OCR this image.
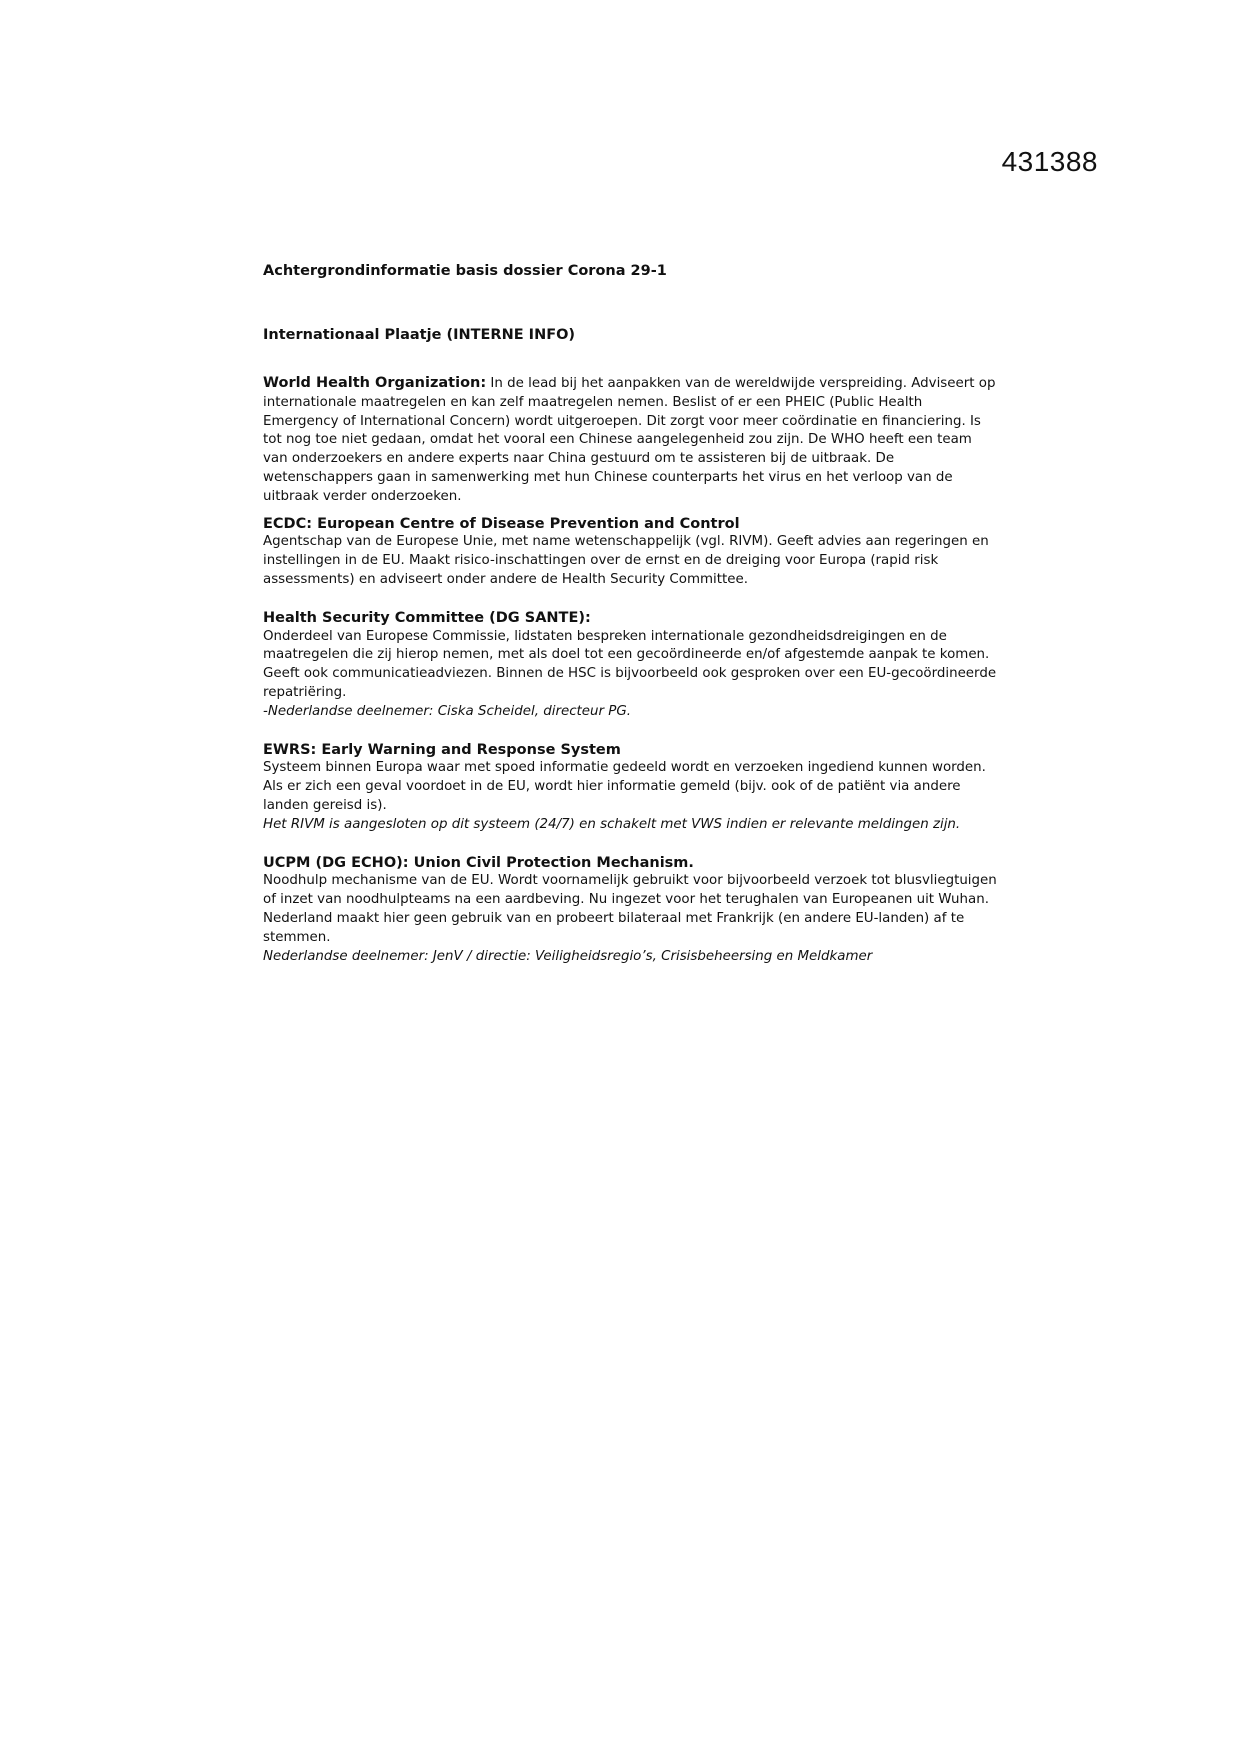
431388
Achtergrondinformatie basis dossier Corona 29-1
Internationaal Plaatje (INTERNE INFO)

World Health Organization: In de lead bij het aanpakken van de wereldwijde verspreiding. Adviseert op internationale maatregelen en kan zelf maatregelen nemen. Beslist of er een PHEIC (Public Health Emergency of International Concern) wordt uitgeroepen. Dit zorgt voor meer coördinatie en financiering. Is tot nog toe niet gedaan, omdat het vooral een Chinese aangelegenheid zou zijn. De WHO heeft een team van onderzoekers en andere experts naar China gestuurd om te assisteren bij de uitbraak. De wetenschappers gaan in samenwerking met hun Chinese counterparts het virus en het verloop van de uitbraak verder onderzoeken.

ECDC: European Centre of Disease Prevention and Control

Agentschap van de Europese Unie, met name wetenschappelijk (vgl. RIVM). Geeft advies aan regeringen en instellingen in de EU. Maakt risico-inschattingen over de ernst en de dreiging voor Europa (rapid risk assessments) en adviseert onder andere de Health Security Committee.

Health Security Committee (DG SANTE):

Onderdeel van Europese Commissie, lidstaten bespreken internationale gezondheidsdreigingen en de maatregelen die zij hierop nemen, met als doel tot een gecoördineerde en/of afgestemde aanpak te komen. Geeft ook communicatieadviezen. Binnen de HSC is bijvoorbeeld ook gesproken over een EU-gecoördineerde repatriëring.

-Nederlandse deelnemer: Ciska Scheidel, directeur PG.

EWRS: Early Warning and Response System

Systeem binnen Europa waar met spoed informatie gedeeld wordt en verzoeken ingediend kunnen worden. Als er zich een geval voordoet in de EU, wordt hier informatie gemeld (bijv. ook of de patiënt via andere landen gereisd is).

Het RIVM is aangesloten op dit systeem (24/7) en schakelt met VWS indien er relevante meldingen zijn.

UCPM (DG ECHO): Union Civil Protection Mechanism.

Noodhulp mechanisme van de EU. Wordt voornamelijk gebruikt voor bijvoorbeeld verzoek tot blusvliegtuigen of inzet van noodhulpteams na een aardbeving. Nu ingezet voor het terughalen van Europeanen uit Wuhan. Nederland maakt hier geen gebruik van en probeert bilateraal met Frankrijk (en andere EU-landen) af te stemmen.

Nederlandse deelnemer: JenV / directie: Veiligheidsregio’s, Crisisbeheersing en Meldkamer
